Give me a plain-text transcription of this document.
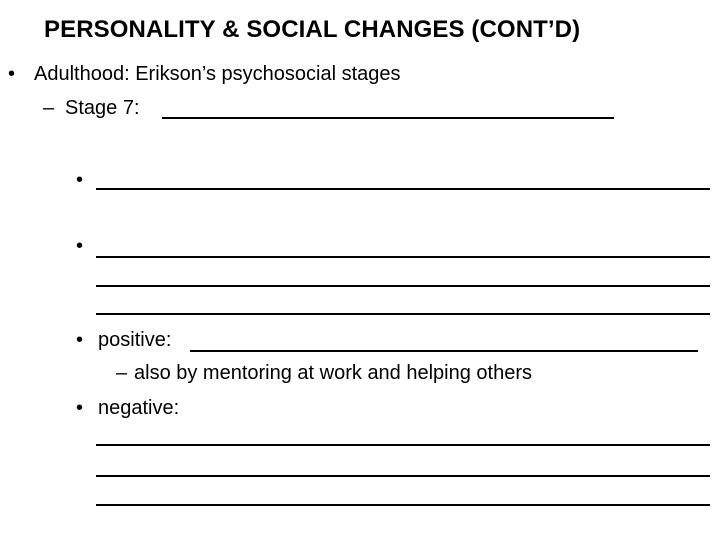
PERSONALITY & SOCIAL CHANGES (CONT’D)
• Adulthood: Erikson’s psychosocial stages
– Stage 7:
•
•
• positive:
– also by mentoring at work and helping others
• negative:
